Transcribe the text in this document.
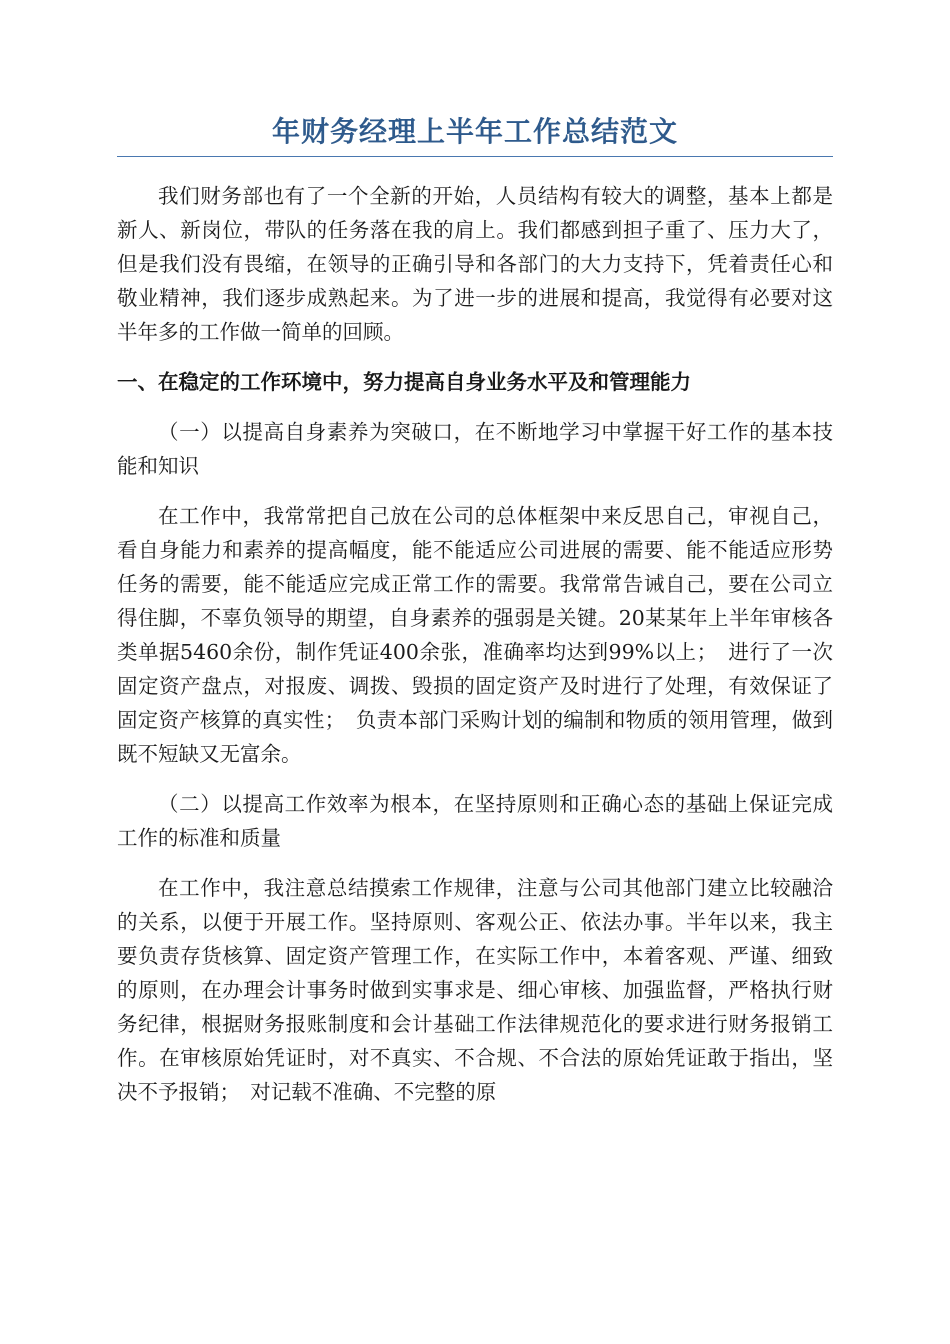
年财务经理上半年工作总结范文

我们财务部也有了一个全新的开始，人员结构有较大的调整，基本上都是新人、新岗位，带队的任务落在我的肩上。我们都感到担子重了、压力大了，但是我们没有畏缩，在领导的正确引导和各部门的大力支持下，凭着责任心和敬业精神，我们逐步成熟起来。为了进一步的进展和提高，我觉得有必要对这半年多的工作做一简单的回顾。

一、在稳定的工作环境中，努力提高自身业务水平及和管理能力

（一）以提高自身素养为突破口，在不断地学习中掌握干好工作的基本技能和知识

在工作中，我常常把自己放在公司的总体框架中来反思自己，审视自己，看自身能力和素养的提高幅度，能不能适应公司进展的需要、能不能适应形势任务的需要，能不能适应完成正常工作的需要。我常常告诫自己，要在公司立得住脚，不辜负领导的期望，自身素养的强弱是关键。20某某年上半年审核各类单据5460余份，制作凭证400余张，准确率均达到99%以上；　进行了一次固定资产盘点，对报废、调拨、毁损的固定资产及时进行了处理，有效保证了固定资产核算的真实性；　负责本部门采购计划的编制和物质的领用管理，做到既不短缺又无富余。

（二）以提高工作效率为根本，在坚持原则和正确心态的基础上保证完成工作的标准和质量

在工作中，我注意总结摸索工作规律，注意与公司其他部门建立比较融洽的关系，以便于开展工作。坚持原则、客观公正、依法办事。半年以来，我主要负责存货核算、固定资产管理工作，在实际工作中，本着客观、严谨、细致的原则，在办理会计事务时做到实事求是、细心审核、加强监督，严格执行财务纪律，根据财务报账制度和会计基础工作法律规范化的要求进行财务报销工作。在审核原始凭证时，对不真实、不合规、不合法的原始凭证敢于指出，坚决不予报销；　对记载不准确、不完整的原
